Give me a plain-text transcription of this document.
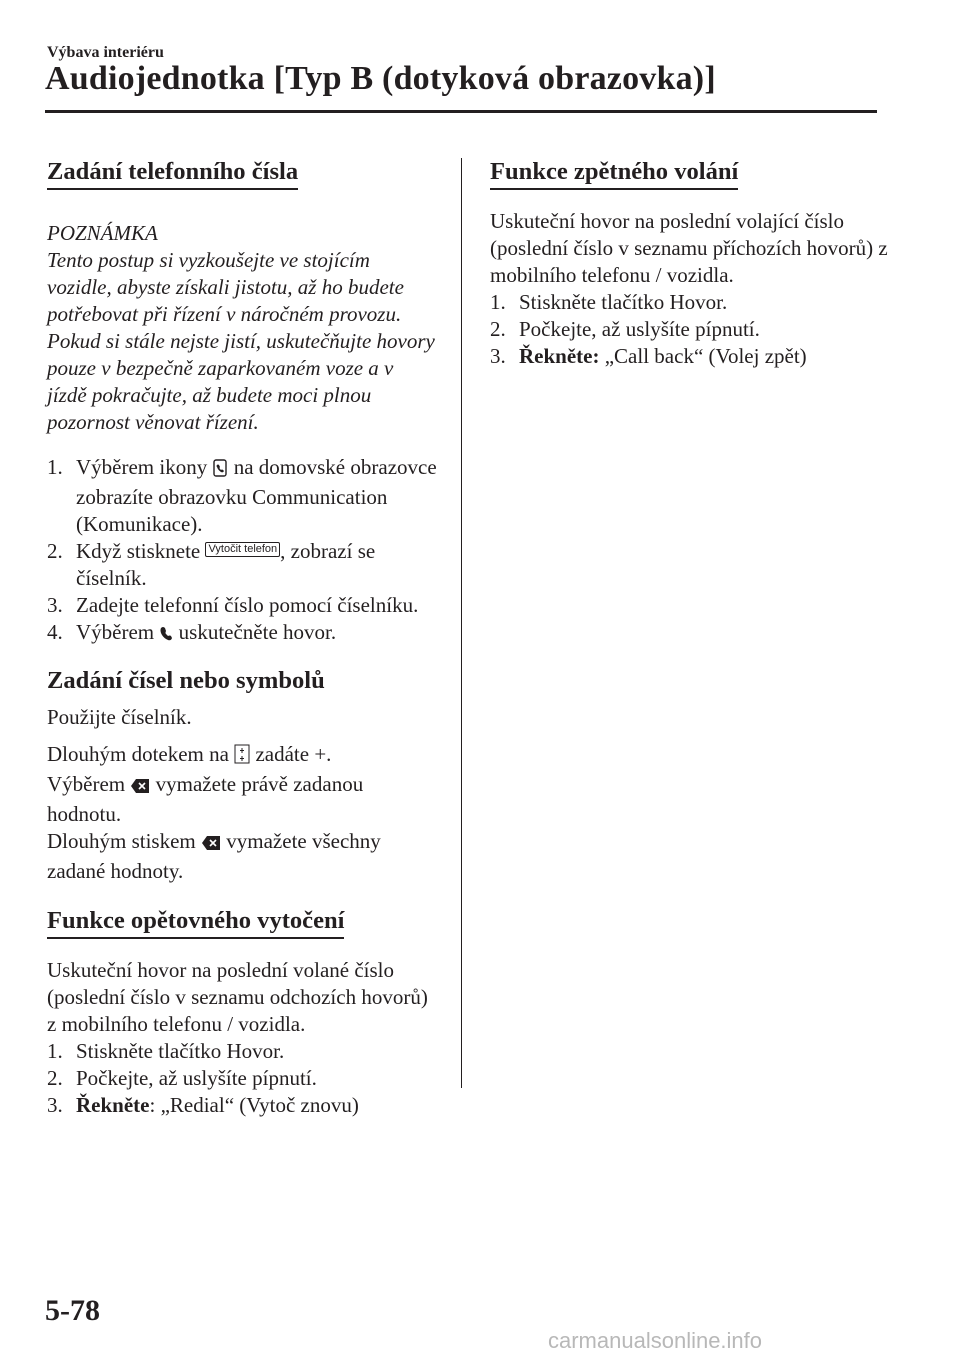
Výbava interiéru
Audiojednotka [Typ B (dotyková obrazovka)]
Zadání telefonního čísla

POZNÁMKA

Tento postup si vyzkoušejte ve stojícím vozidle, abyste získali jistotu, až ho budete potřebovat při řízení v náročném provozu. Pokud si stále nejste jistí, uskutečňujte hovory pouze v bezpečně zaparkovaném voze a v jízdě pokračujte, až budete moci plnou pozornost věnovat řízení.

1. Výběrem ikony na domovské obrazovce zobrazíte obrazovku Communication (Komunikace).
2. Když stisknete Vytočit telefon , zobrazí se číselník.
3. Zadejte telefonní číslo pomocí číselníku.
4. Výběrem uskutečněte hovor.
Zadání čísel nebo symbolů

Použijte číselník.

Dlouhým dotekem na zadáte +.

Výběrem vymažete právě zadanou hodnotu.

Dlouhým stiskem vymažete všechny zadané hodnoty.

Funkce opětovného vytočení

Uskuteční hovor na poslední volané číslo (poslední číslo v seznamu odchozích hovorů) z mobilního telefonu / vozidla.

1. Stiskněte tlačítko Hovor.
2. Počkejte, až uslyšíte pípnutí.
3. Řekněte: „Redial“ (Vytoč znovu)
Funkce zpětného volání

Uskuteční hovor na poslední volající číslo (poslední číslo v seznamu příchozích hovorů) z mobilního telefonu / vozidla.

1. Stiskněte tlačítko Hovor.
2. Počkejte, až uslyšíte pípnutí.
3. Řekněte: „Call back“ (Volej zpět)
5-78
carmanualsonline.info
